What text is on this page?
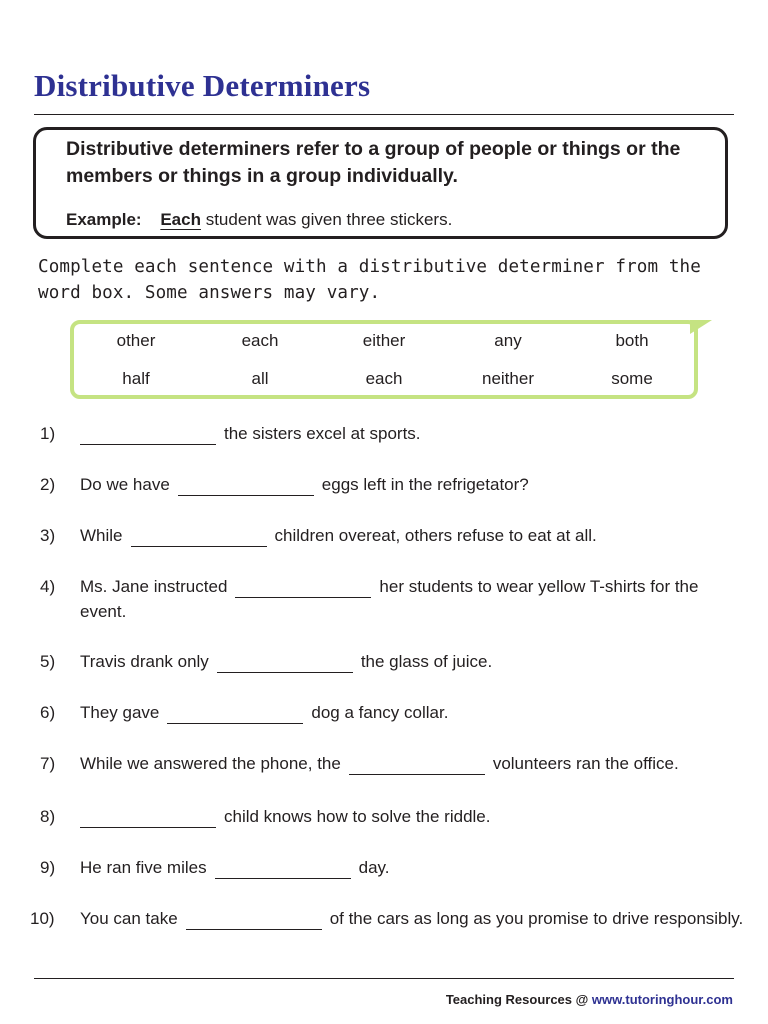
Distributive Determiners
Distributive determiners refer to a group of people or things or the members or things in a group individually.
Example: Each student was given three stickers.
Complete each sentence with a distributive determiner from the word box. Some answers may vary.
other	each	either	any	both
half	all	each	neither	some
1)	the sisters excel at sports.
2) Do we have	eggs left in the refrigetator?
3) While	children overeat, others refuse to eat at all.
4) Ms. Jane instructed	her students to wear yellow T-shirts for the event.
5) Travis drank only	the glass of juice.
6) They gave	dog a fancy collar.
7) While we answered the phone, the	volunteers ran the office.
8)	child knows how to solve the riddle.
9) He ran five miles	day.
10) You can take	of the cars as long as you promise to drive responsibly.
Teaching Resources @ www.tutoringhour.com
